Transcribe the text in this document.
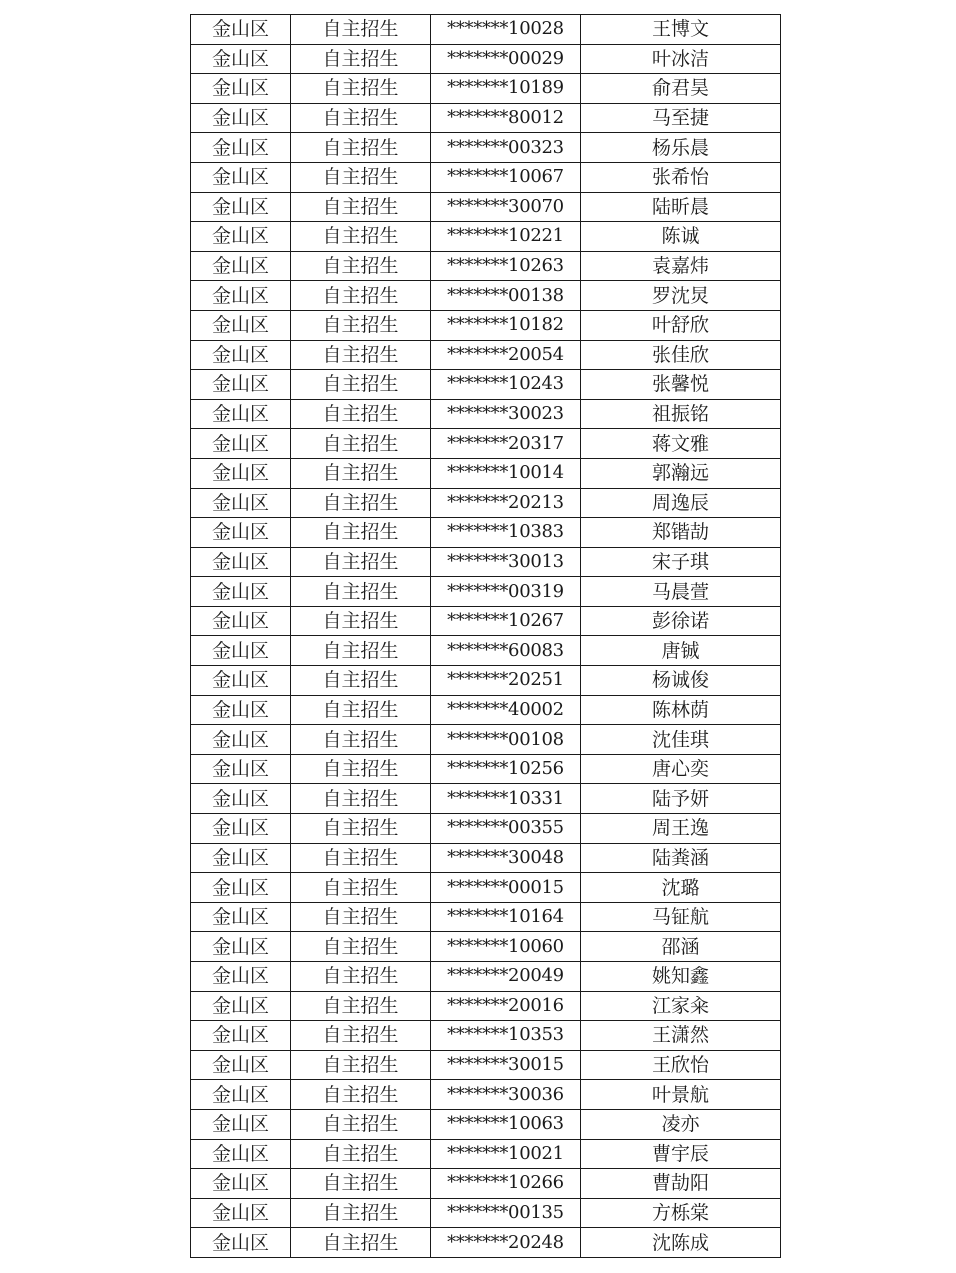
金山区	自主招生	*******10028	王博文
金山区	自主招生	*******00029	叶冰洁
金山区	自主招生	*******10189	俞君昊
金山区	自主招生	*******80012	马至捷
金山区	自主招生	*******00323	杨乐晨
金山区	自主招生	*******10067	张希怡
金山区	自主招生	*******30070	陆昕晨
金山区	自主招生	*******10221	陈诚
金山区	自主招生	*******10263	袁嘉炜
金山区	自主招生	*******00138	罗沈炅
金山区	自主招生	*******10182	叶舒欣
金山区	自主招生	*******20054	张佳欣
金山区	自主招生	*******10243	张馨悦
金山区	自主招生	*******30023	祖振铭
金山区	自主招生	*******20317	蒋文雅
金山区	自主招生	*******10014	郭瀚远
金山区	自主招生	*******20213	周逸辰
金山区	自主招生	*******10383	郑锴劼
金山区	自主招生	*******30013	宋子琪
金山区	自主招生	*******00319	马晨萱
金山区	自主招生	*******10267	彭徐诺
金山区	自主招生	*******60083	唐铖
金山区	自主招生	*******20251	杨诚俊
金山区	自主招生	*******40002	陈林荫
金山区	自主招生	*******00108	沈佳琪
金山区	自主招生	*******10256	唐心奕
金山区	自主招生	*******10331	陆予妍
金山区	自主招生	*******00355	周王逸
金山区	自主招生	*******30048	陆粪涵
金山区	自主招生	*******00015	沈璐
金山区	自主招生	*******10164	马钲航
金山区	自主招生	*******10060	邵涵
金山区	自主招生	*******20049	姚知鑫
金山区	自主招生	*******20016	江家籴
金山区	自主招生	*******10353	王潇然
金山区	自主招生	*******30015	王欣怡
金山区	自主招生	*******30036	叶景航
金山区	自主招生	*******10063	凌亦
金山区	自主招生	*******10021	曹宇辰
金山区	自主招生	*******10266	曹劼阳
金山区	自主招生	*******00135	方栎棠
金山区	自主招生	*******20248	沈陈成
